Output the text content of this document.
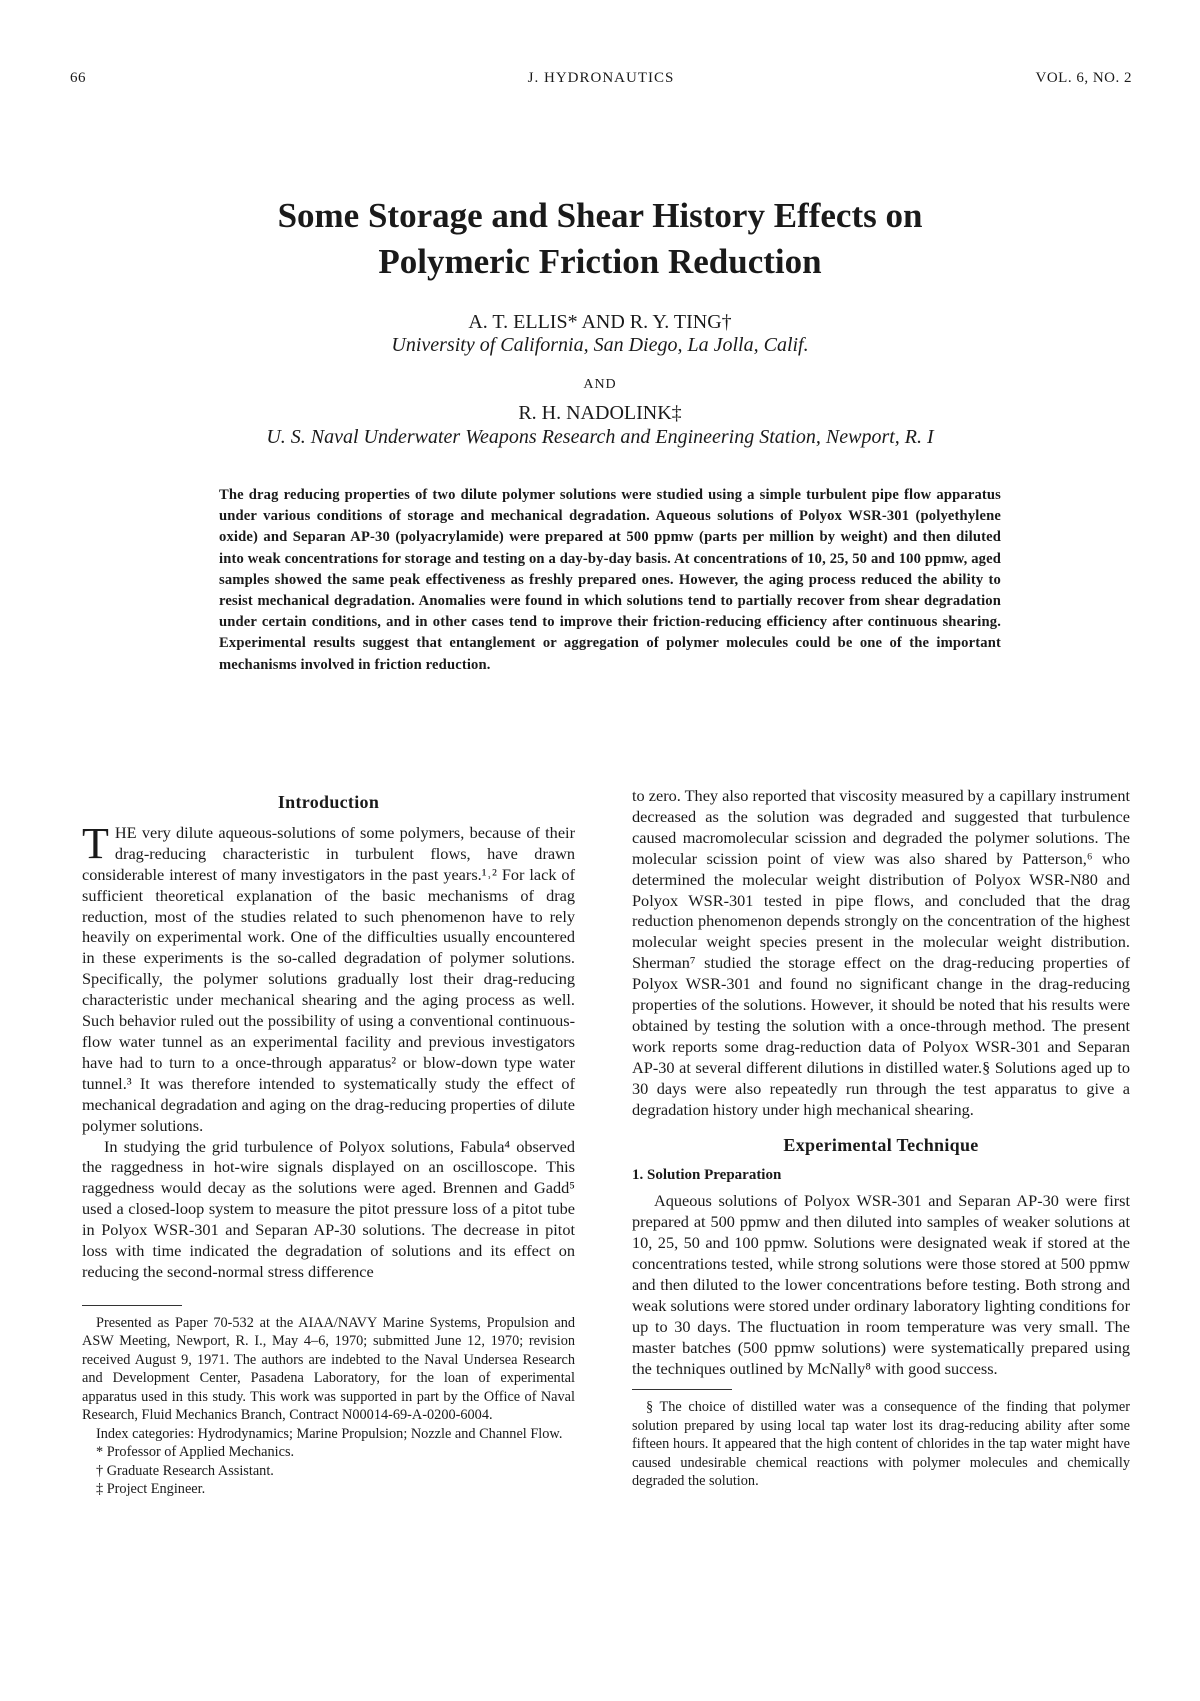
66	J. HYDRONAUTICS	VOL. 6, NO. 2
Some Storage and Shear History Effects on
Polymeric Friction Reduction
A. T. ELLIS* AND R. Y. TING†
University of California, San Diego, La Jolla, Calif.
AND
R. H. NADOLINK‡
U. S. Naval Underwater Weapons Research and Engineering Station, Newport, R. I
The drag reducing properties of two dilute polymer solutions were studied using a simple turbulent pipe flow apparatus under various conditions of storage and mechanical degradation. Aqueous solutions of Polyox WSR-301 (polyethylene oxide) and Separan AP-30 (polyacrylamide) were prepared at 500 ppmw (parts per million by weight) and then diluted into weak concentrations for storage and testing on a day-by-day basis. At concentrations of 10, 25, 50 and 100 ppmw, aged samples showed the same peak effectiveness as freshly prepared ones. However, the aging process reduced the ability to resist mechanical degradation. Anomalies were found in which solutions tend to partially recover from shear degradation under certain conditions, and in other cases tend to improve their friction-reducing efficiency after continuous shearing. Experimental results suggest that entanglement or aggregation of polymer molecules could be one of the important mechanisms involved in friction reduction.
Introduction

THE very dilute aqueous-solutions of some polymers, because of their drag-reducing characteristic in turbulent flows, have drawn considerable interest of many investigators in the past years.¹˒² For lack of sufficient theoretical explanation of the basic mechanisms of drag reduction, most of the studies related to such phenomenon have to rely heavily on experimental work. One of the difficulties usually encountered in these experiments is the so-called degradation of polymer solutions. Specifically, the polymer solutions gradually lost their drag-reducing characteristic under mechanical shearing and the aging process as well. Such behavior ruled out the possibility of using a conventional continuous-flow water tunnel as an experimental facility and previous investigators have had to turn to a once-through apparatus² or blow-down type water tunnel.³ It was therefore intended to systematically study the effect of mechanical degradation and aging on the drag-reducing properties of dilute polymer solutions.

In studying the grid turbulence of Polyox solutions, Fabula⁴ observed the raggedness in hot-wire signals displayed on an oscilloscope. This raggedness would decay as the solutions were aged. Brennen and Gadd⁵ used a closed-loop system to measure the pitot pressure loss of a pitot tube in Polyox WSR-301 and Separan AP-30 solutions. The decrease in pitot loss with time indicated the degradation of solutions and its effect on reducing the second-normal stress difference

Presented as Paper 70-532 at the AIAA/NAVY Marine Systems, Propulsion and ASW Meeting, Newport, R. I., May 4–6, 1970; submitted June 12, 1970; revision received August 9, 1971. The authors are indebted to the Naval Undersea Research and Development Center, Pasadena Laboratory, for the loan of experimental apparatus used in this study. This work was supported in part by the Office of Naval Research, Fluid Mechanics Branch, Contract N00014-69-A-0200-6004.

Index categories: Hydrodynamics; Marine Propulsion; Nozzle and Channel Flow.

* Professor of Applied Mechanics.

† Graduate Research Assistant.

‡ Project Engineer.

to zero. They also reported that viscosity measured by a capillary instrument decreased as the solution was degraded and suggested that turbulence caused macromolecular scission and degraded the polymer solutions. The molecular scission point of view was also shared by Patterson,⁶ who determined the molecular weight distribution of Polyox WSR-N80 and Polyox WSR-301 tested in pipe flows, and concluded that the drag reduction phenomenon depends strongly on the concentration of the highest molecular weight species present in the molecular weight distribution. Sherman⁷ studied the storage effect on the drag-reducing properties of Polyox WSR-301 and found no significant change in the drag-reducing properties of the solutions. However, it should be noted that his results were obtained by testing the solution with a once-through method. The present work reports some drag-reduction data of Polyox WSR-301 and Separan AP-30 at several different dilutions in distilled water.§ Solutions aged up to 30 days were also repeatedly run through the test apparatus to give a degradation history under high mechanical shearing.

Experimental Technique
1. Solution Preparation

Aqueous solutions of Polyox WSR-301 and Separan AP-30 were first prepared at 500 ppmw and then diluted into samples of weaker solutions at 10, 25, 50 and 100 ppmw. Solutions were designated weak if stored at the concentrations tested, while strong solutions were those stored at 500 ppmw and then diluted to the lower concentrations before testing. Both strong and weak solutions were stored under ordinary laboratory lighting conditions for up to 30 days. The fluctuation in room temperature was very small. The master batches (500 ppmw solutions) were systematically prepared using the techniques outlined by McNally⁸ with good success.

§ The choice of distilled water was a consequence of the finding that polymer solution prepared by using local tap water lost its drag-reducing ability after some fifteen hours. It appeared that the high content of chlorides in the tap water might have caused undesirable chemical reactions with polymer molecules and chemically degraded the solution.
